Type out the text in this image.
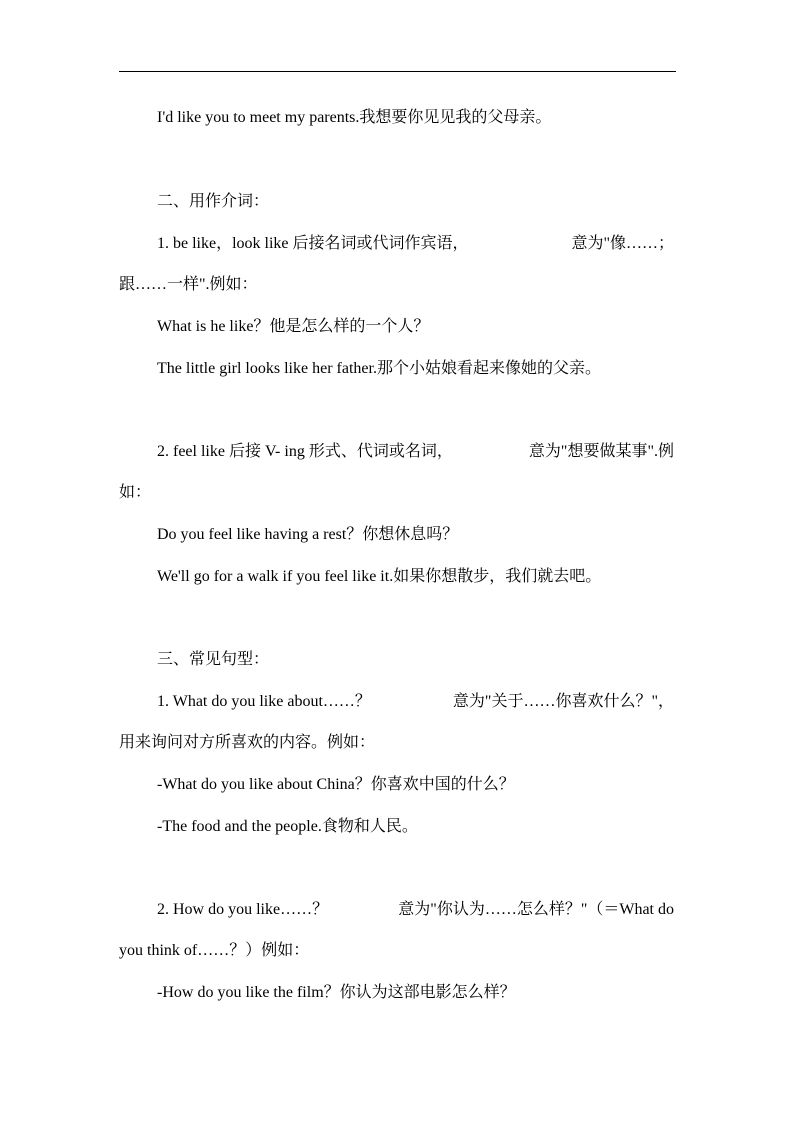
I'd like you to meet my parents.我想要你见见我的父母亲。
二、用作介词：
1. be like，look like 后接名词或代词作宾语，	意为"像……；
跟……一样".例如：
What is he like？他是怎么样的一个人？
The little girl looks like her father.那个小姑娘看起来像她的父亲。
2. feel like 后接 V- ing 形式、代词或名词，	意为"想要做某事".例
如：
Do you feel like having a rest？你想休息吗？
We'll go for a walk if you feel like it.如果你想散步，我们就去吧。
三、常见句型：
1. What do you like about……？	意为"关于……你喜欢什么？"，
用来询问对方所喜欢的内容。例如：
-What do you like about China？你喜欢中国的什么？
-The food and the people.食物和人民。
2. How do you like……？	意为"你认为……怎么样？"（＝What do
you think of……？）例如：
-How do you like the film？你认为这部电影怎么样？
